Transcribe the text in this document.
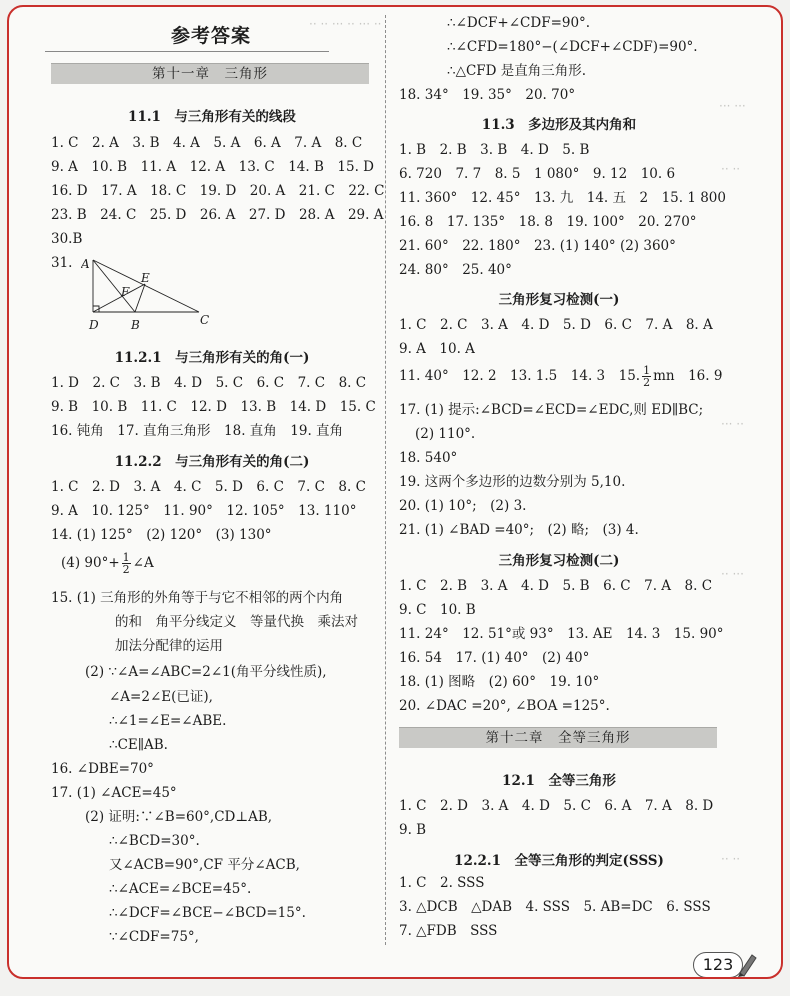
·· ·· ··· ·· ··· ··
··· ···
·· ··
··· ··
·· ···
·· ··
参考答案
第十一章　三角形
11.1　与三角形有关的线段
1. C　2. A　3. B　4. A　5. A　6. A　7. A　8. C
9. A　10. B　11. A　12. A　13. C　14. B　15. D
16. D　17. A　18. C　19. D　20. A　21. C　22. C
23. B　24. C　25. D　26. A　27. D　28. A　29. A
30.B
31. A
D	B	C
E
F
11.2.1　与三角形有关的角(一)
1. D　2. C　3. B　4. D　5. C　6. C　7. C　8. C
9. B　10. B　11. C　12. D　13. B　14. D　15. C
16. 钝角　17. 直角三角形　18. 直角　19. 直角
11.2.2　与三角形有关的角(二)
1. C　2. D　3. A　4. C　5. D　6. C　7. C　8. C
9. A　10. 125°　11. 90°　12. 105°　13. 110°
14. (1) 125°　(2) 120°　(3) 130°
(4) $90^\circ+ \frac{1}{2}$ ∠A
15. (1) 三角形的外角等于与它不相邻的两个内角
的和　角平分线定义　等量代换　乘法对
加法分配律的运用
(2) ∵∠A=∠ABC=2∠1(角平分线性质),
∠A=2∠E(已证),
∴∠1=∠E=∠ABE.
∴CE∥AB.
16. ∠DBE=70°
17. (1) ∠ACE=45°
(2) 证明:∵∠B=60°,CD⊥AB,
∴∠BCD=30°.
又∠ACB=90°,CF 平分∠ACB,
∴∠ACE=∠BCE=45°.
∴∠DCF=∠BCE−∠BCD=15°.
∵∠CDF=75°,
∴∠DCF+∠CDF=90°.
∴∠CFD=180°−(∠DCF+∠CDF)=90°.
∴△CFD 是直角三角形.
18. 34°　19. 35°　20. 70°
11.3　多边形及其内角和
1. B　2. B　3. B　4. D　5. B
6. 720　7. 7　8. 5　1 080°　9. 12　10. 6
11. 360°　12. 45°　13. 九　14. 五　2　15. 1 800
16. 8　17. 135°　18. 8　19. 100°　20. 270°
21. 60°　22. 180°　23. (1) 140° (2) 360°
24. 80°　25. 40°
三角形复习检测(一)
1. C　2. C　3. A　4. D　5. D　6. C　7. A　8. A
9. A　10. A
11. 40°　12. 2　13. 1.5　14. 3　15. $\frac{1}{2}$ mn　16. 9
17. (1) 提示:∠BCD=∠ECD=∠EDC,则 ED∥BC;
(2) 110°.
18. 540°
19. 这两个多边形的边数分别为 5,10.
20. (1) 10°;　(2) 3.
21. (1) ∠BAD =40°;　(2) 略;　(3) 4.
三角形复习检测(二)
1. C　2. B　3. A　4. D　5. B　6. C　7. A　8. C
9. C　10. B
11. 24°　12. 51°或 93°　13. AE　14. 3　15. 90°
16. 54　17. (1) 40°　(2) 40°
18. (1) 图略　(2) 60°　19. 10°
20. ∠DAC =20°, ∠BOA =125°.
第十二章　全等三角形
12.1　全等三角形
1. C　2. D　3. A　4. D　5. C　6. A　7. A　8. D
9. B
12.2.1　全等三角形的判定(SSS)
1. C　2. SSS
3. △DCB　△DAB　4. SSS　5. AB=DC　6. SSS
7. △FDB　SSS
123
